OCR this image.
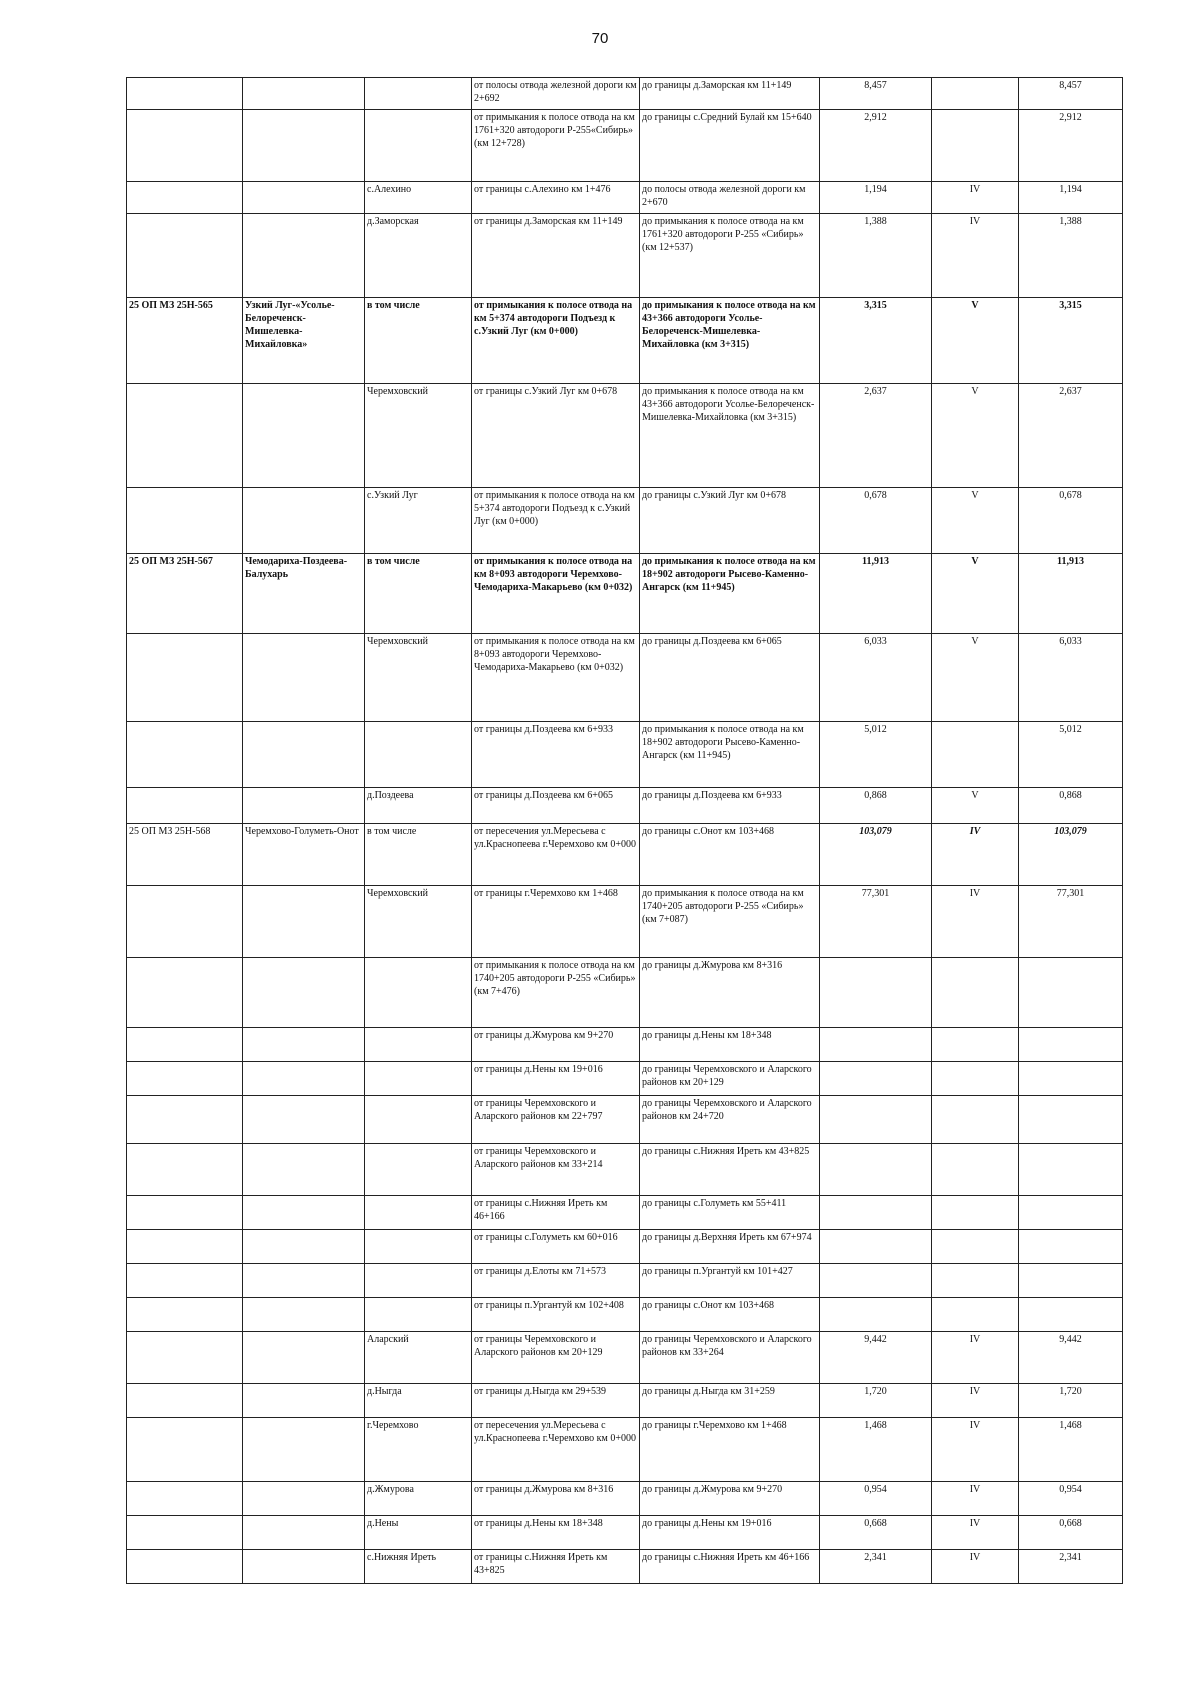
70
			от полосы отвода железной дороги км 2+692	до границы д.Заморская км 11+149	8,457		8,457
			от примыкания к полосе отвода на км 1761+320 автодороги Р-255«Сибирь» (км 12+728)	до границы с.Средний Булай км 15+640	2,912		2,912
		с.Алехино	от границы с.Алехино км 1+476	до полосы отвода железной дороги км 2+670	1,194	IV	1,194
		д.Заморская	от границы д.Заморская км 11+149	до примыкания к полосе отвода на км 1761+320 автодороги Р-255 «Сибирь» (км 12+537)	1,388	IV	1,388
25 ОП МЗ 25Н-565	Узкий Луг-«Усолье-Белореченск-Мишелевка-Михайловка»	в том числе	от примыкания к полосе отвода на км 5+374 автодороги Подъезд к с.Узкий Луг (км 0+000)	до примыкания к полосе отвода на км 43+366 автодороги Усолье-Белореченск-Мишелевка-Михайловка (км 3+315)	3,315	V	3,315
		Черемховский	от границы с.Узкий Луг км 0+678	до примыкания к полосе отвода на км 43+366 автодороги Усолье-Белореченск-Мишелевка-Михайловка (км 3+315)	2,637	V	2,637
		с.Узкий Луг	от примыкания к полосе отвода на км 5+374 автодороги Подъезд к с.Узкий Луг (км 0+000)	до границы с.Узкий Луг км 0+678	0,678	V	0,678
25 ОП МЗ 25Н-567	Чемодариха-Поздеева-Балухарь	в том числе	от примыкания к полосе отвода на км 8+093 автодороги Черемхово-Чемодариха-Макарьево (км 0+032)	до примыкания к полосе отвода на км 18+902 автодороги Рысево-Каменно-Ангарск (км 11+945)	11,913	V	11,913
		Черемховский	от примыкания к полосе отвода на км 8+093 автодороги Черемхово-Чемодариха-Макарьево (км 0+032)	до границы д.Поздеева км 6+065	6,033	V	6,033
			от границы д.Поздеева км 6+933	до примыкания к полосе отвода на км 18+902 автодороги Рысево-Каменно-Ангарск (км 11+945)	5,012		5,012
		д.Поздеева	от границы д.Поздеева км 6+065	до границы д.Поздеева км 6+933	0,868	V	0,868
25 ОП МЗ 25Н-568	Черемхово-Голуметь-Онот	в том числе	от пересечения ул.Мересьева с ул.Краснопеева г.Черемхово км 0+000	до границы с.Онот км 103+468	103,079	IV	103,079
		Черемховский	от границы г.Черемхово км 1+468	до примыкания к полосе отвода на км 1740+205 автодороги Р-255 «Сибирь» (км 7+087)	77,301	IV	77,301
			от примыкания к полосе отвода на км 1740+205 автодороги Р-255 «Сибирь» (км 7+476)	до границы д.Жмурова км 8+316			
			от границы д.Жмурова км 9+270	до границы д.Нены км 18+348			
			от границы д.Нены км 19+016	до границы Черемховского и Аларского районов км 20+129			
			от границы Черемховского и Аларского районов км 22+797	до границы Черемховского и Аларского районов км 24+720			
			от границы Черемховского и Аларского районов км 33+214	до границы с.Нижняя Иреть км 43+825			
			от границы с.Нижняя Иреть км 46+166	до границы с.Голуметь км 55+411			
			от границы с.Голуметь км 60+016	до границы д.Верхняя Иреть км 67+974			
			от границы д.Елоты км 71+573	до границы п.Ургантуй км 101+427			
			от границы п.Ургантуй км 102+408	до границы с.Онот км 103+468			
		Аларский	от границы Черемховского и Аларского районов км 20+129	до границы Черемховского и Аларского районов км 33+264	9,442	IV	9,442
		д.Ныгда	от границы д.Ныгда км 29+539	до границы д.Ныгда км 31+259	1,720	IV	1,720
		г.Черемхово	от пересечения ул.Мересьева с ул.Краснопеева г.Черемхово км 0+000	до границы г.Черемхово км 1+468	1,468	IV	1,468
		д.Жмурова	от границы д.Жмурова км 8+316	до границы д.Жмурова км 9+270	0,954	IV	0,954
		д.Нены	от границы д.Нены км 18+348	до границы д.Нены км 19+016	0,668	IV	0,668
		с.Нижняя Иреть	от границы с.Нижняя Иреть км 43+825	до границы с.Нижняя Иреть км 46+166	2,341	IV	2,341
